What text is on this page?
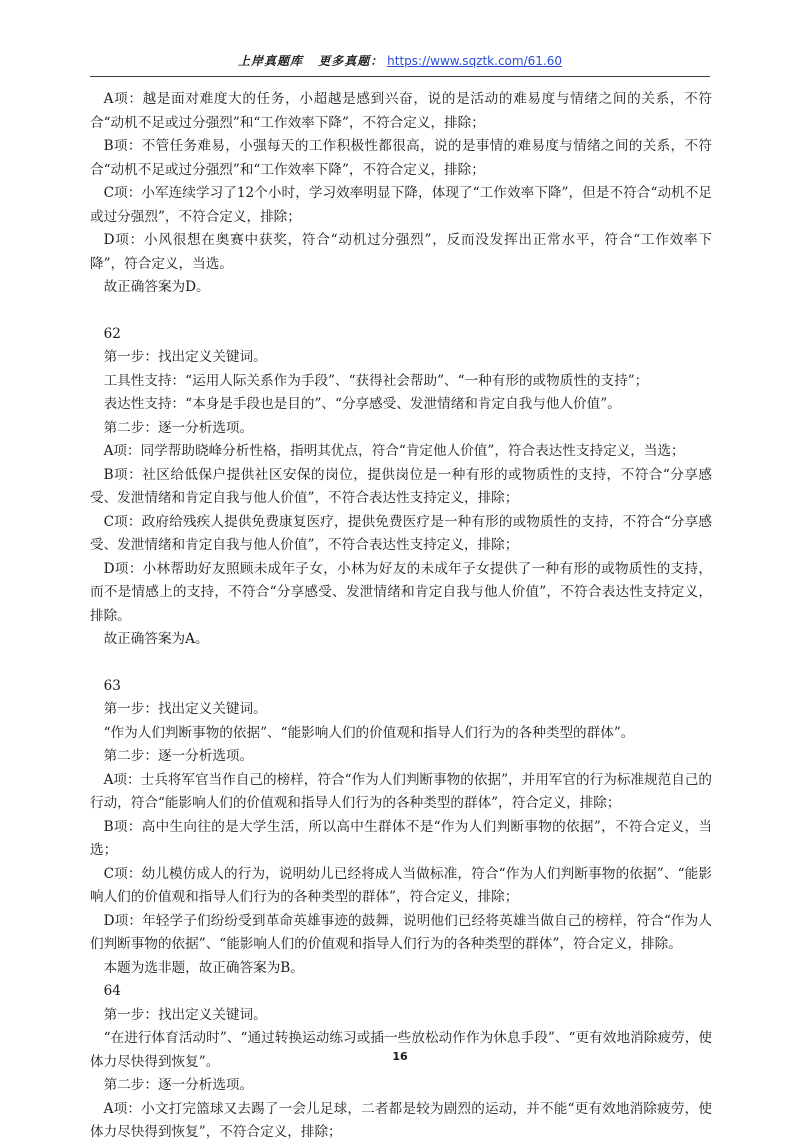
上岸真题库 更多真题： https://www.sqztk.com/61.60

A项：越是面对难度大的任务，小超越是感到兴奋，说的是活动的难易度与情绪之间的关系，不符合“动机不足或过分强烈”和“工作效率下降”，不符合定义，排除；

B项：不管任务难易，小强每天的工作积极性都很高，说的是事情的难易度与情绪之间的关系，不符合“动机不足或过分强烈”和“工作效率下降”，不符合定义，排除；

C项：小军连续学习了12个小时，学习效率明显下降，体现了“工作效率下降”，但是不符合“动机不足或过分强烈”，不符合定义，排除；

D项：小风很想在奥赛中获奖，符合“动机过分强烈”，反而没发挥出正常水平，符合“工作效率下降”，符合定义，当选。

故正确答案为D。

62

第一步：找出定义关键词。

工具性支持：“运用人际关系作为手段”、“获得社会帮助”、“一种有形的或物质性的支持”；

表达性支持：“本身是手段也是目的”、“分享感受、发泄情绪和肯定自我与他人价值”。

第二步：逐一分析选项。

A项：同学帮助晓峰分析性格，指明其优点，符合“肯定他人价值”，符合表达性支持定义，当选；

B项：社区给低保户提供社区安保的岗位，提供岗位是一种有形的或物质性的支持，不符合“分享感受、发泄情绪和肯定自我与他人价值”，不符合表达性支持定义，排除；

C项：政府给残疾人提供免费康复医疗，提供免费医疗是一种有形的或物质性的支持，不符合“分享感受、发泄情绪和肯定自我与他人价值”，不符合表达性支持定义，排除；

D项：小林帮助好友照顾未成年子女，小林为好友的未成年子女提供了一种有形的或物质性的支持，而不是情感上的支持，不符合“分享感受、发泄情绪和肯定自我与他人价值”，不符合表达性支持定义，排除。

故正确答案为A。

63

第一步：找出定义关键词。

“作为人们判断事物的依据”、“能影响人们的价值观和指导人们行为的各种类型的群体”。

第二步：逐一分析选项。

A项：士兵将军官当作自己的榜样，符合“作为人们判断事物的依据”，并用军官的行为标准规范自己的行动，符合“能影响人们的价值观和指导人们行为的各种类型的群体”，符合定义，排除；

B项：高中生向往的是大学生活，所以高中生群体不是“作为人们判断事物的依据”，不符合定义，当选；

C项：幼儿模仿成人的行为，说明幼儿已经将成人当做标准，符合“作为人们判断事物的依据”、“能影响人们的价值观和指导人们行为的各种类型的群体”，符合定义，排除；

D项：年轻学子们纷纷受到革命英雄事迹的鼓舞，说明他们已经将英雄当做自己的榜样，符合“作为人们判断事物的依据”、“能影响人们的价值观和指导人们行为的各种类型的群体”，符合定义，排除。

本题为选非题，故正确答案为B。

64

第一步：找出定义关键词。

“在进行体育活动时”、“通过转换运动练习或插一些放松动作作为休息手段”、“更有效地消除疲劳，使体力尽快得到恢复”。

第二步：逐一分析选项。

A项：小文打完篮球又去踢了一会儿足球，二者都是较为剧烈的运动，并不能“更有效地消除疲劳，使体力尽快得到恢复”，不符合定义，排除；

16
